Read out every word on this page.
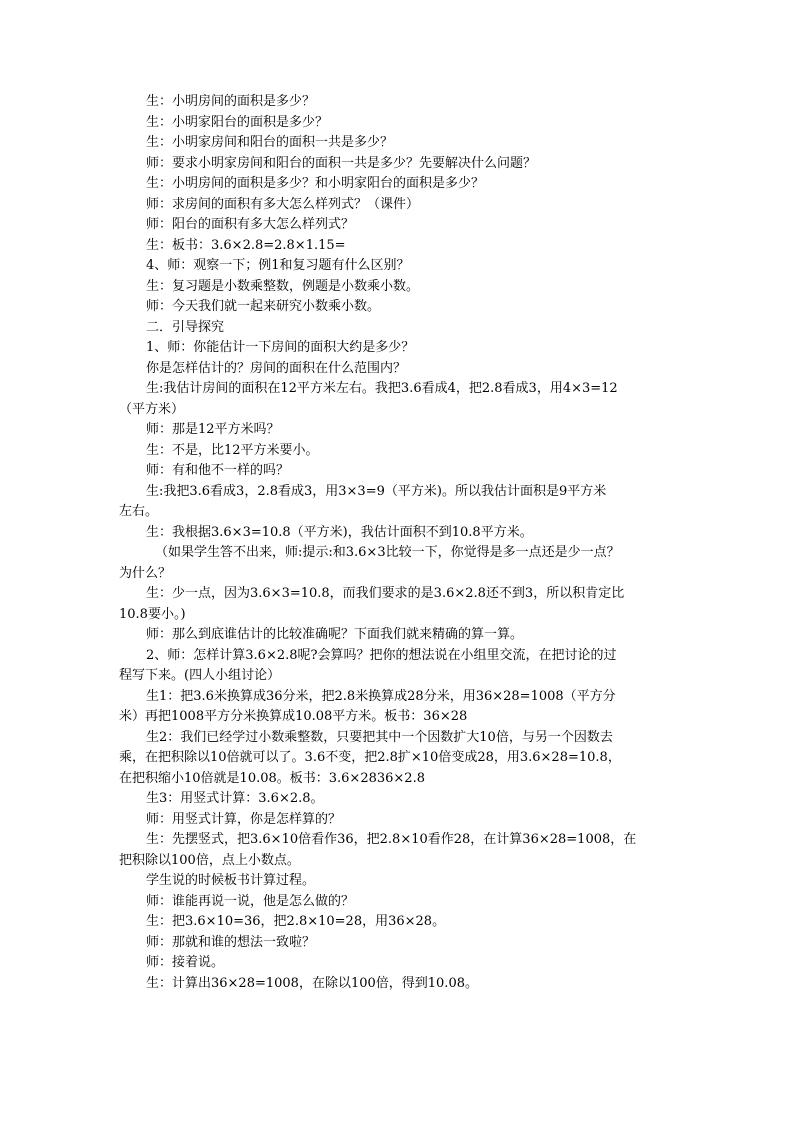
生：小明房间的面积是多少？

生：小明家阳台的面积是多少？

生：小明家房间和阳台的面积一共是多少？

师：要求小明家房间和阳台的面积一共是多少？先要解决什么问题？

生：小明房间的面积是多少？和小明家阳台的面积是多少？

师：求房间的面积有多大怎么样列式？（课件）

师：阳台的面积有多大怎么样列式？

生：板书：3.6×2.8=2.8×1.15=

4、师：观察一下；例1和复习题有什么区别？

生：复习题是小数乘整数，例题是小数乘小数。

师：今天我们就一起来研究小数乘小数。

二．引导探究

1、师：你能估计一下房间的面积大约是多少？

你是怎样估计的？房间的面积在什么范围内？

生:我估计房间的面积在12平方米左右。我把3.6看成4，把2.8看成3，用4×3=12

（平方米）

师：那是12平方米吗？

生：不是，比12平方米要小。

师：有和他不一样的吗？

生:我把3.6看成3，2.8看成3，用3×3=9（平方米)。所以我估计面积是9平方米

左右。

生：我根据3.6×3=10.8（平方米)，我估计面积不到10.8平方米。

（如果学生答不出来，师:提示:和3.6×3比较一下，你觉得是多一点还是少一点？

为什么？

生：少一点，因为3.6×3=10.8，而我们要求的是3.6×2.8还不到3，所以积肯定比

10.8要小。)

师：那么到底谁估计的比较准确呢？下面我们就来精确的算一算。

2、师：怎样计算3.6×2.8呢?会算吗？把你的想法说在小组里交流，在把讨论的过

程写下来。(四人小组讨论）

生1：把3.6米换算成36分米，把2.8米换算成28分米，用36×28=1008（平方分

米）再把1008平方分米换算成10.08平方米。板书：36×28

生2：我们已经学过小数乘整数，只要把其中一个因数扩大10倍，与另一个因数去

乘，在把积除以10倍就可以了。3.6不变，把2.8扩×10倍变成28，用3.6×28=10.8，

在把积缩小10倍就是10.08。板书：3.6×2836×2.8

生3：用竖式计算：3.6×2.8。

师：用竖式计算，你是怎样算的？

生：先摆竖式，把3.6×10倍看作36，把2.8×10看作28，在计算36×28=1008，在

把积除以100倍，点上小数点。

学生说的时候板书计算过程。

师：谁能再说一说，他是怎么做的？

生：把3.6×10=36，把2.8×10=28，用36×28。

师：那就和谁的想法一致啦？

师：接着说。

生：计算出36×28=1008，在除以100倍，得到10.08。
